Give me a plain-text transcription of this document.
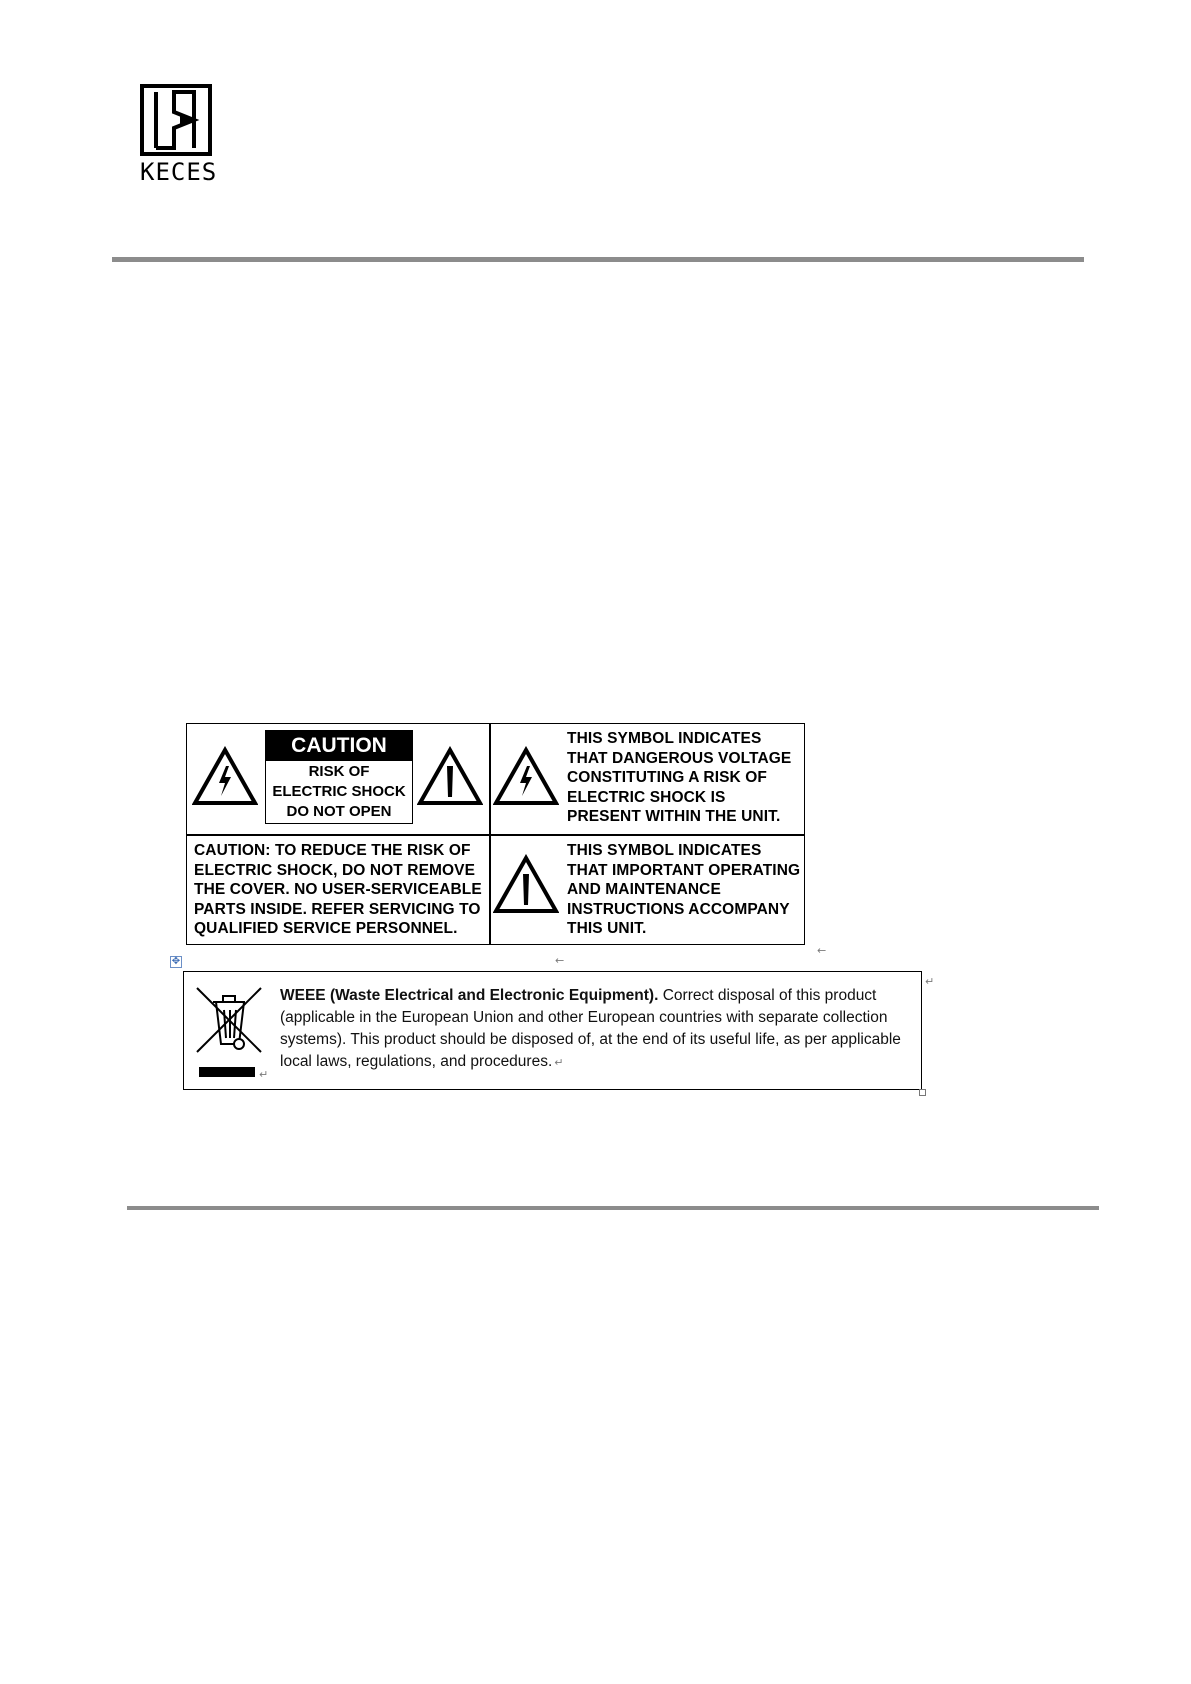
KECES
CAUTION
RISK OF
ELECTRIC SHOCK
DO NOT OPEN
THIS SYMBOL INDICATES
THAT DANGEROUS VOLTAGE
CONSTITUTING A RISK OF
ELECTRIC SHOCK IS
PRESENT WITHIN THE UNIT.
CAUTION: TO REDUCE THE RISK OF
ELECTRIC SHOCK, DO NOT REMOVE
THE COVER. NO USER-SERVICEABLE
PARTS INSIDE. REFER SERVICING TO
QUALIFIED SERVICE PERSONNEL.
THIS SYMBOL INDICATES
THAT IMPORTANT OPERATING
AND MAINTENANCE
INSTRUCTIONS ACCOMPANY
THIS UNIT.
←
←
✥
↵
↵
WEEE (Waste Electrical and Electronic Equipment). Correct disposal of this product (applicable in the European Union and other European countries with separate collection systems). This product should be disposed of, at the end of its useful life, as per applicable local laws, regulations, and procedures. ↵
